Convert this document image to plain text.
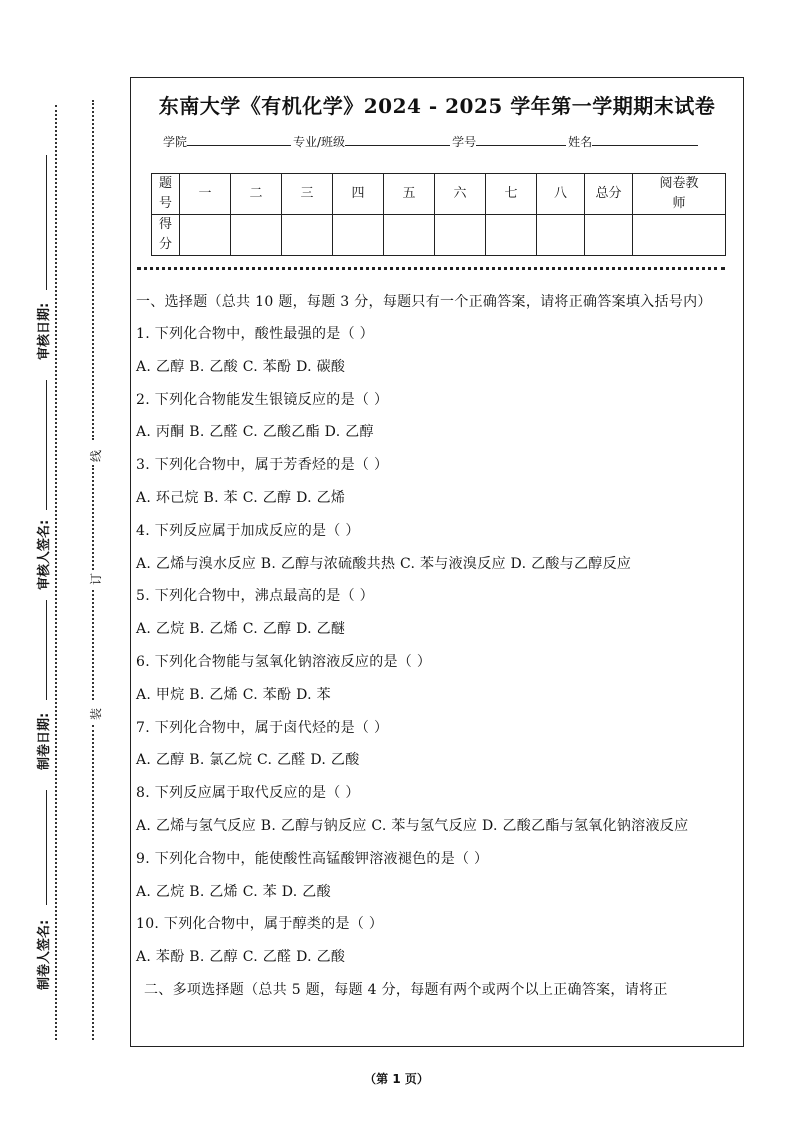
审核日期:
审核人签名:
制卷日期:
制卷人签名:
线
订
装
东南大学《有机化学》2024 - 2025 学年第一学期期末试卷
学院	专业/班级	学号	姓名
题号	一	二	三	四	五	六	七	八	总分	阅卷教师
得分										

一、选择题（总共 10 题，每题 3 分，每题只有一个正确答案，请将正确答案填入括号内）

1. 下列化合物中，酸性最强的是（ ）

A. 乙醇 B. 乙酸 C. 苯酚 D. 碳酸

2. 下列化合物能发生银镜反应的是（ ）

A. 丙酮 B. 乙醛 C. 乙酸乙酯 D. 乙醇

3. 下列化合物中，属于芳香烃的是（ ）

A. 环己烷 B. 苯 C. 乙醇 D. 乙烯

4. 下列反应属于加成反应的是（ ）

A. 乙烯与溴水反应 B. 乙醇与浓硫酸共热 C. 苯与液溴反应 D. 乙酸与乙醇反应

5. 下列化合物中，沸点最高的是（ ）

A. 乙烷 B. 乙烯 C. 乙醇 D. 乙醚

6. 下列化合物能与氢氧化钠溶液反应的是（ ）

A. 甲烷 B. 乙烯 C. 苯酚 D. 苯

7. 下列化合物中，属于卤代烃的是（ ）

A. 乙醇 B. 氯乙烷 C. 乙醛 D. 乙酸

8. 下列反应属于取代反应的是（ ）

A. 乙烯与氢气反应 B. 乙醇与钠反应 C. 苯与氢气反应 D. 乙酸乙酯与氢氧化钠溶液反应

9. 下列化合物中，能使酸性高锰酸钾溶液褪色的是（ ）

A. 乙烷 B. 乙烯 C. 苯 D. 乙酸

10. 下列化合物中，属于醇类的是（ ）

A. 苯酚 B. 乙醇 C. 乙醛 D. 乙酸

二、多项选择题（总共 5 题，每题 4 分，每题有两个或两个以上正确答案，请将正

（第 1 页）
